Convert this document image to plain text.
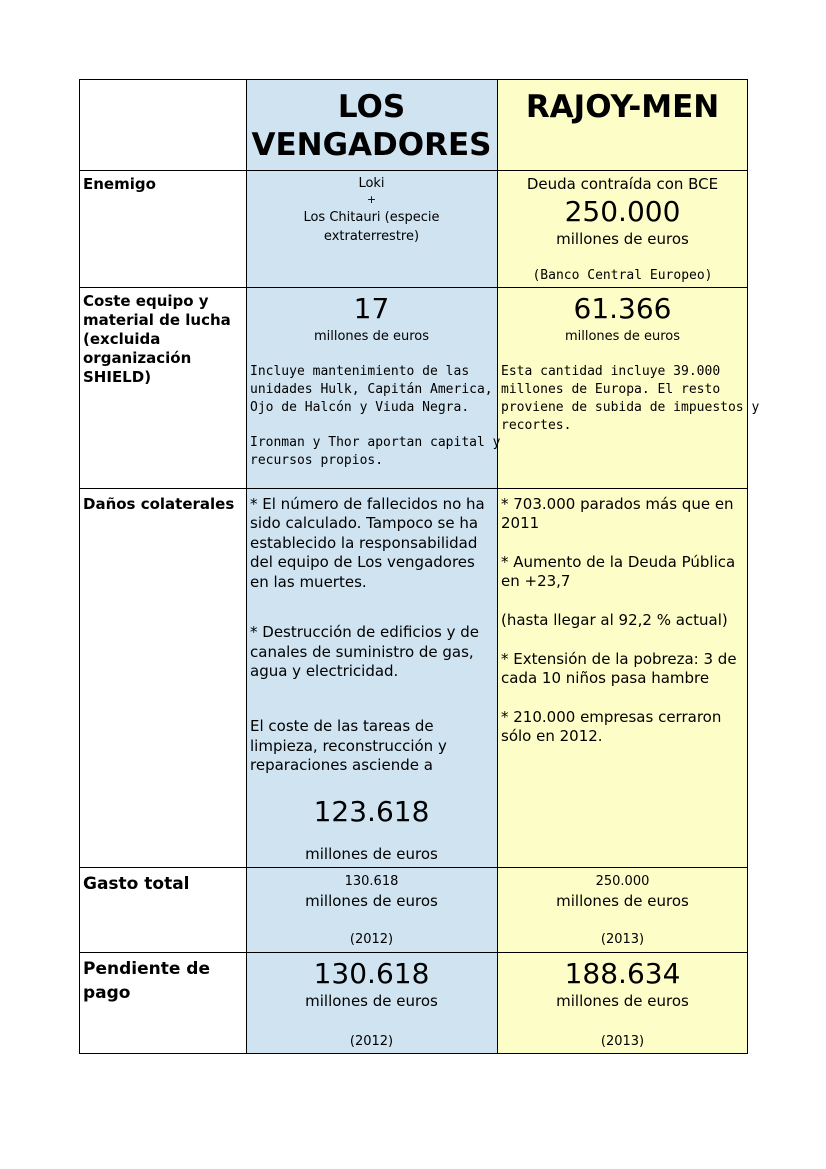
LOS VENGADORES
RAJOY-MEN
Enemigo	Loki
+
Los Chitauri (especie
extraterrestre)
Deuda contraída con BCE
250.000
millones de euros
(Banco Central Europeo)
Coste equipo y
material de lucha
(excluida
organización
SHIELD)
17
millones de euros
Incluye mantenimiento de las
unidades Hulk, Capitán America,
Ojo de Halcón y Viuda Negra.
Ironman y Thor aportan capital y
recursos propios.
61.366
millones de euros
Esta cantidad incluye 39.000
millones de Europa. El resto
proviene de subida de impuestos y
recortes.
Daños colaterales * El número de fallecidos no ha
sido calculado. Tampoco se ha
establecido la responsabilidad
del equipo de Los vengadores
en las muertes.
* Destrucción de edificios y de
canales de suministro de gas,
agua y electricidad.
El coste de las tareas de
limpieza, reconstrucción y
reparaciones asciende a
123.618
millones de euros
* 703.000 parados más que en
2011
* Aumento de la Deuda Pública
en +23,7
(hasta llegar al 92,2 % actual)
* Extensión de la pobreza: 3 de
cada 10 niños pasa hambre
* 210.000 empresas cerraron
sólo en 2012.
Gasto total	130.618
millones de euros
(2012)
250.000
millones de euros
(2013)
Pendiente de
pago
130.618
millones de euros
(2012)
188.634
millones de euros
(2013)
